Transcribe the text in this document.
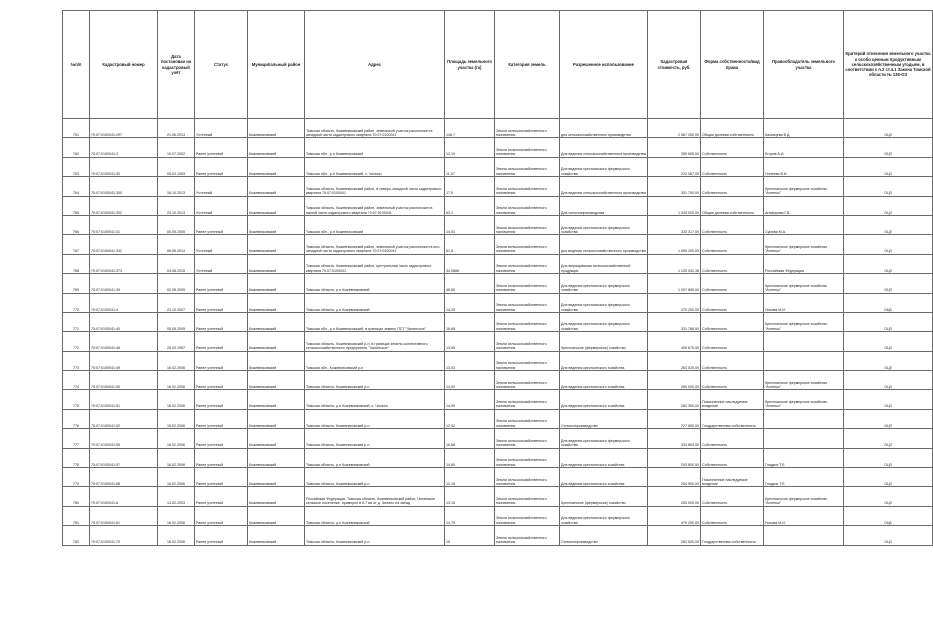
№п/п	Кадастровый номер	Дата постановки на кадастровый учёт	Статус	Муниципальный район	Адрес	Площадь земельного участка (га)	Категория земель	Разрешенное использование	Кадастровая стоимость, руб.	Форма собственности/вид права	Правообладатель земельного участка	Критерий отнесения земельного участка к особо ценным продуктивным сельскохозяйственным угодьям, в соответствии с п.2 ст.4.1 Закона Томской области № 135-ОЗ
761	70:07:0100041:297	21.06.2013	Учтенный	Кожевниковский	Томская область, Кожевниковский район, земельный участок расположен в западной части кадастрового квартала 70:07:0100041	146,7	Земли сельскохозяйственного назначения	для сельскохозяйственного производства	2 567 250,00	Общая долевая собственность	Казанцева В.Д.	ОЦЗ
762	70:07:0100041:3	10.07.2002	Ранее учтенный	Кожевниковский	Томская обл., р-н Кожевниковский	12,19	Земли сельскохозяйственного назначения	Для ведения сельскохозяйственного производства	359 605,00	Собственность	Егоров А.И.	ОЦЗ
763	70:07:0100041:30	05.04.1993	Ранее учтенный	Кожевниковский	Томская обл., р-н Кожевниковский, с. Чилино	11,07	Земли сельскохозяйственного назначения	Для ведения крестьянского фермерского хозяйства	232 067,00	Собственность	Полеева В.И.	ОЦЗ
764	70:07:0100041:300	18.10.2013	Учтенный	Кожевниковский	Томская область, Кожевниковский район, в северо-западной части кадастрового квартала 70:07:0100041	17,5	Земли сельскохозяйственного назначения	Для ведения сельскохозяйственного производства	351 750,00	Собственность	Крестьянское фермерское хозяйство "Антеньк"	ОЦЗ
765	70:07:0100041:302	23.10.2013	Учтенный	Кожевниковский	Томская область, Кожевниковский район, земельный участок расположен в южной части кадастрового квартала 70:07:0100041	63,1	Земли сельскохозяйственного назначения	Для сельхозпроизводства	1 343 000,00	Общая долевая собственность	Агафорова Г.В.	ОЦЗ
766	70:07:0100041:31	05.05.2005	Ранее учтенный	Кожевниковский	Томская обл., р-н Кожевниковский	14,53	Земли сельскохозяйственного назначения	Для ведения крестьянского фермерского хозяйства	333 317,00	Собственность	Сумова М.А.	ОЦЗ
767	70:07:0100041:342	06.05.2014	Учтенный	Кожевниковский	Томская область, Кожевниковский район, земельный участок расположен в юго-западной части кадастрового квартала 70:07:0100041	81,5	Земли сельскохозяйственного назначения	для ведения сельскохозяйственного производства	1 695 200,00	Собственность	Крестьянское фермерское хозяйство "Антеньк"	ОЦЗ
768	70:07:0100041:373	04.08.2015	Учтенный	Кожевниковский	Томская область, Кожевниковский район, центральная часть кадастрового квартала 70:07:0100041	34,0886	Земли сельскохозяйственного назначения	Для выращивания сельскохозяйственной продукции	1 125 042,38	Собственность	Российская Федерация	ОЦЗ
769	70:07:0100041:39	02.05.2005	Ранее учтенный	Кожевниковский	Томская область, р-н Кожевниковский	48,65	Земли сельскохозяйственного назначения	Для ведения крестьянского фермерского хозяйства	1 097 895,00	Собственность	Крестьянское фермерское хозяйство "Антеньк"	ОЦЗ
770	70:07:0100041:4	23.10.2007	Ранее учтенный	Кожевниковский	Томская область, р-н Кожевниковский	14,25	Земли сельскохозяйственного назначения	Для ведения крестьянского фермерского хозяйства	470 250,00	Собственность	Носова М.И.	ОЦБ
771	70:07:0100041:40	05.05.2005	Ранее учтенный	Кожевниковский	Томская обл., р-н Кожевниковский, в границах земель ПСТ "Чилинское"	16,68	Земли сельскохозяйственного назначения	Для ведения крестьянского фермерского хозяйства	331 768,00	Собственность	Крестьянское фермерское хозяйство "Антеньк"	ОЦЗ
772	70:07:0100041:46	28.03.1997	Ранее учтенный	Кожевниковский	Томская область, Кожевниковский р-н, в границах земель коллективного сельскохозяйственного предприятия "Чилинское"	13,95	Земли сельскохозяйственного назначения	Крестьянское (фермерское) хозяйство	409 675,00	Собственность		ОЦЗ
773	70:07:0100041:49	16.02.2006	Ранее учтенный	Кожевниковский	Томская обл., Кожевниковский р-н	13,03	Земли сельскохозяйственного назначения	Для ведения крестьянского хозяйства	263 025,00	Собственность		ОЦЗ
774	70:07:0100041:50	16.02.2006	Ранее учтенный	Кожевниковский	Томская область, Кожевниковский р-н	14,00	Земли сельскохозяйственного назначения	Для ведения крестьянского хозяйства	280 000,00	Собственность	Крестьянское фермерское хозяйство "Антеньк"	ОЦЗ
775	70:07:0100041:51	16.02.2006	Ранее учтенный	Кожевниковский	Томская область, р-н Кожевниковский, с. Чилино	14,99	Земли сельскохозяйственного назначения	Для ведения крестьянского хозяйства	282 350,00	Пожизненное наследуемое владение	Крестьянское фермерское хозяйство "Антеньк"	ОЦЗ
776	70:07:0100041:52	16.02.2006	Ранее учтенный	Кожевниковский	Томская область, Кожевниковский р-н	12,02	Земли сельскохозяйственного назначения	Сельхозпроизводство	227 850,00	Государственная собственность		ОЦЗ
777	70:07:0100041:55	16.02.2006	Ранее учтенный	Кожевниковский	Томская область, Кожевниковский р-н	16,68	Земли сельскохозяйственного назначения	Для ведения крестьянского фермерского хозяйства	334 894,00	Собственность		ОЦЗ
778	70:07:0100041:57	16.02.2006	Ранее учтенный	Кожевниковский	Томская область, р-н Кожевниковский	14,60	Земли сельскохозяйственного назначения	Для ведения крестьянского хозяйства	293 800,00	Собственность	Гладких Т.Е.	ОЦЗ
779	70:07:0100041:58	16.02.2006	Ранее учтенный	Кожевниковский	Томская область, Кожевниковский р-н	12,18	Земли сельскохозяйственного назначения	Для ведения крестьянского хозяйства	254 900,00	Пожизненное наследуемое владение	Гладких Т.Е.	ОЦЗ
780	70:07:0100041:6	13.02.2003	Ранее учтенный	Кожевниковский	Российская Федерация, Томская область, Кожевниковский район, Чилинское сельское поселение, примерно в 6.7 км от д. Чилино на запад	13,15	Земли сельскохозяйственного назначения	Крестьянское (фермерское) хозяйство	263 000,00	Собственность	Крестьянское фермерское хозяйство "Антеньк"	ОЦЗ
781	70:07:0100041:61	16.02.2006	Ранее учтенный	Кожевниковский	Томская область, р-н Кожевниковский	14,75	Земли сельскохозяйственного назначения	Для ведения крестьянского фермерского хозяйства	470 250,00	Собственность	Носова М.И.	ОЦБ
782	70:07:0100041:70	16.02.2006	Ранее учтенный	Кожевниковский	Томская область, Кожевниковский р-н	15	Земли сельскохозяйственного назначения	Сельхозпроизводство	262 500,00	Государственная собственность		ОЦЗ
